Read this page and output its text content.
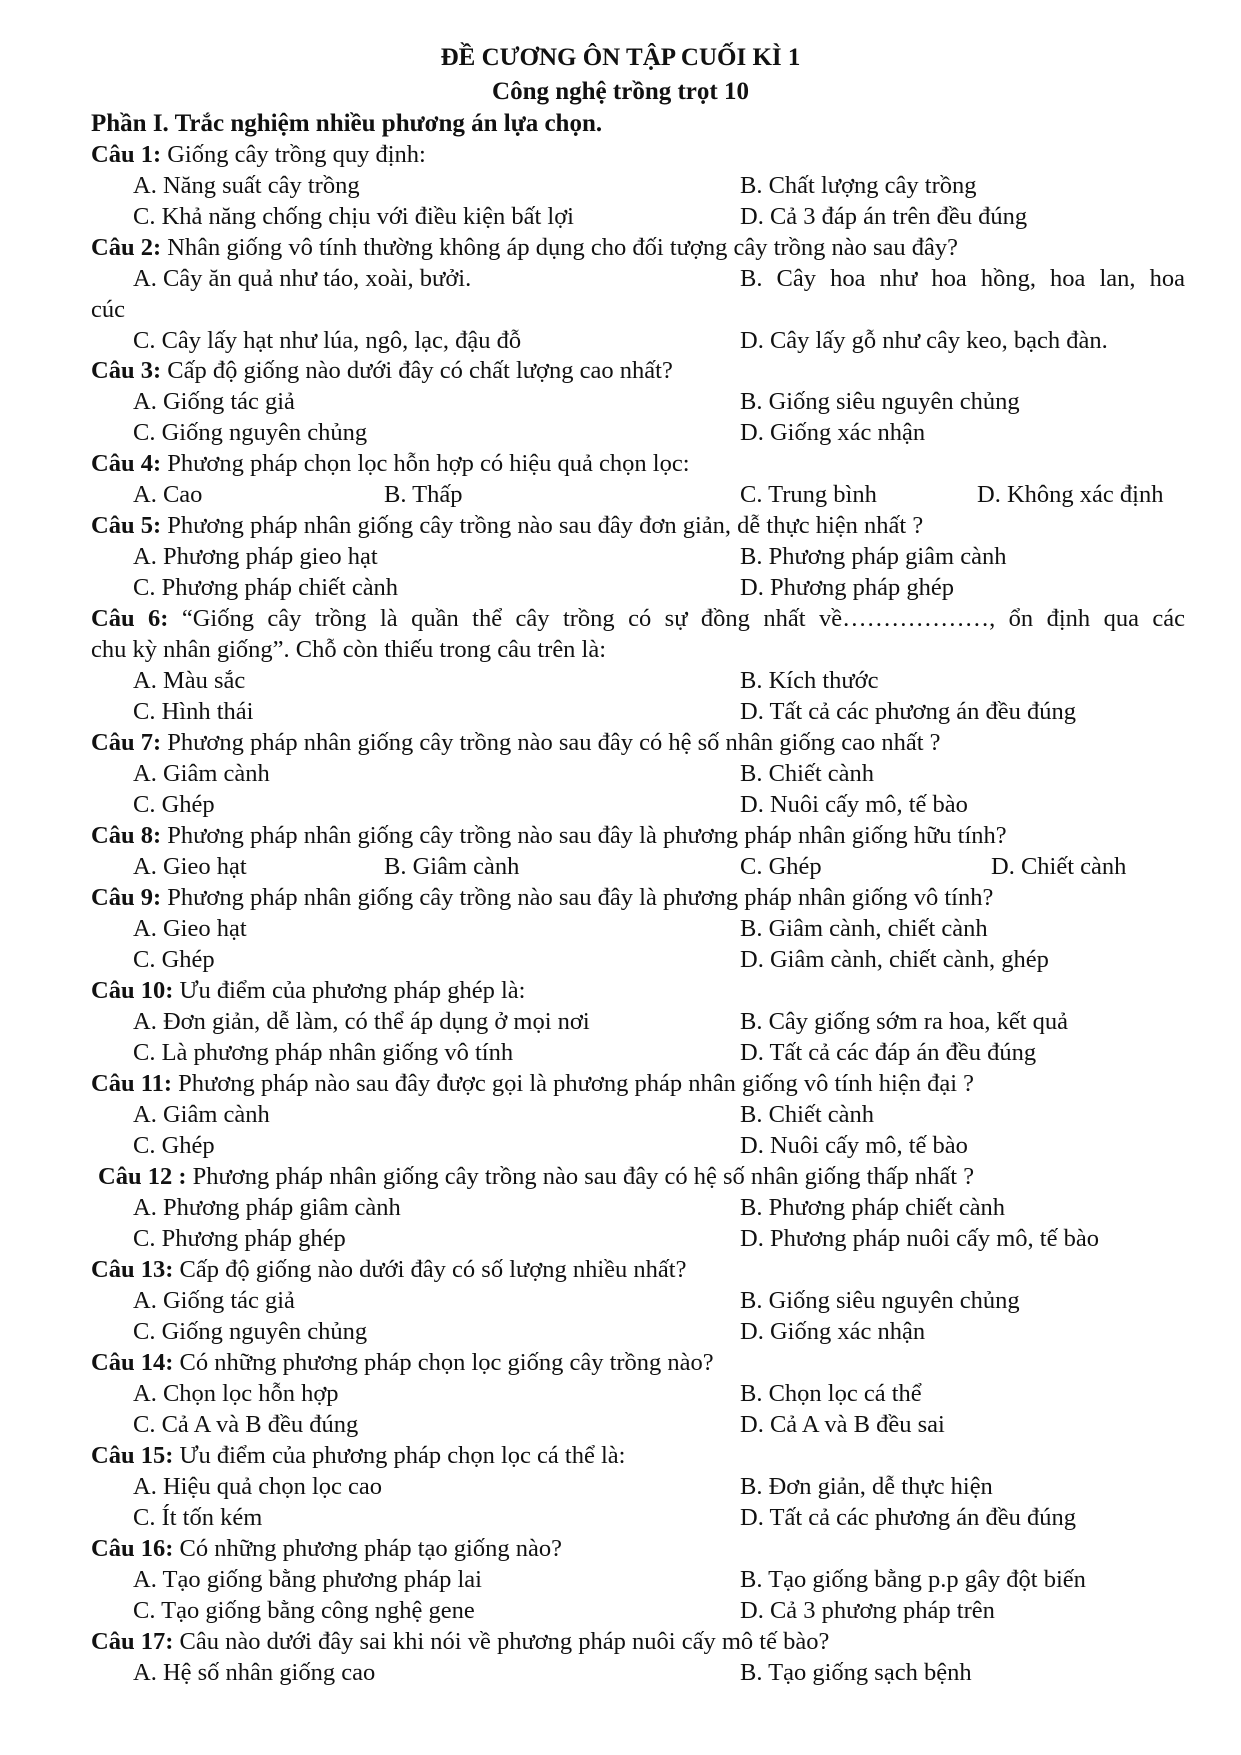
ĐỀ CƯƠNG ÔN TẬP CUỐI KÌ 1
Công nghệ trồng trọt 10
Phần I. Trắc nghiệm nhiều phương án lựa chọn.
Câu 1: Giống cây trồng quy định:
A. Năng suất cây trồng	B. Chất lượng cây trồng
C. Khả năng chống chịu với điều kiện bất lợi	D. Cả 3 đáp án trên đều đúng
Câu 2: Nhân giống vô tính thường không áp dụng cho đối tượng cây trồng nào sau đây?
A. Cây ăn quả như táo, xoài, bưởi.	B. Cây hoa như hoa hồng, hoa lan, hoa
cúc
C. Cây lấy hạt như lúa, ngô, lạc, đậu đỗ	D. Cây lấy gỗ như cây keo, bạch đàn.
Câu 3: Cấp độ giống nào dưới đây có chất lượng cao nhất?
A. Giống tác giả	B. Giống siêu nguyên chủng
C. Giống nguyên chủng	D. Giống xác nhận
Câu 4: Phương pháp chọn lọc hỗn hợp có hiệu quả chọn lọc:
A. Cao	B. Thấp	C. Trung bình	D. Không xác định
Câu 5: Phương pháp nhân giống cây trồng nào sau đây đơn giản, dễ thực hiện nhất ?
A. Phương pháp gieo hạt	B. Phương pháp giâm cành
C. Phương pháp chiết cành	D. Phương pháp ghép
Câu 6: “Giống cây trồng là quần thể cây trồng có sự đồng nhất về………………, ổn định qua các
chu kỳ nhân giống”. Chỗ còn thiếu trong câu trên là:
A. Màu sắc	B. Kích thước
C. Hình thái	D. Tất cả các phương án đều đúng
Câu 7: Phương pháp nhân giống cây trồng nào sau đây có hệ số nhân giống cao nhất ?
A. Giâm cành	B. Chiết cành
C. Ghép	D. Nuôi cấy mô, tế bào
Câu 8: Phương pháp nhân giống cây trồng nào sau đây là phương pháp nhân giống hữu tính?
A. Gieo hạt	B. Giâm cành	C. Ghép	D. Chiết cành
Câu 9: Phương pháp nhân giống cây trồng nào sau đây là phương pháp nhân giống vô tính?
A. Gieo hạt	B. Giâm cành, chiết cành
C. Ghép	D. Giâm cành, chiết cành, ghép
Câu 10: Ưu điểm của phương pháp ghép là:
A. Đơn giản, dễ làm, có thể áp dụng ở mọi nơi	B. Cây giống sớm ra hoa, kết quả
C. Là phương pháp nhân giống vô tính	D. Tất cả các đáp án đều đúng
Câu 11: Phương pháp nào sau đây được gọi là phương pháp nhân giống vô tính hiện đại ?
A. Giâm cành	B. Chiết cành
C. Ghép	D. Nuôi cấy mô, tế bào
Câu 12 : Phương pháp nhân giống cây trồng nào sau đây có hệ số nhân giống thấp nhất ?
A. Phương pháp giâm cành	B. Phương pháp chiết cành
C. Phương pháp ghép	D. Phương pháp nuôi cấy mô, tế bào
Câu 13: Cấp độ giống nào dưới đây có số lượng nhiều nhất?
A. Giống tác giả	B. Giống siêu nguyên chủng
C. Giống nguyên chủng	D. Giống xác nhận
Câu 14: Có những phương pháp chọn lọc giống cây trồng nào?
A. Chọn lọc hỗn hợp	B. Chọn lọc cá thể
C. Cả A và B đều đúng	D. Cả A và B đều sai
Câu 15: Ưu điểm của phương pháp chọn lọc cá thể là:
A. Hiệu quả chọn lọc cao	B. Đơn giản, dễ thực hiện
C. Ít tốn kém	D. Tất cả các phương án đều đúng
Câu 16: Có những phương pháp tạo giống nào?
A. Tạo giống bằng phương pháp lai	B. Tạo giống bằng p.p gây đột biến
C. Tạo giống bằng công nghệ gene	D. Cả 3 phương pháp trên
Câu 17: Câu nào dưới đây sai khi nói về phương pháp nuôi cấy mô tế bào?
A. Hệ số nhân giống cao	B. Tạo giống sạch bệnh
